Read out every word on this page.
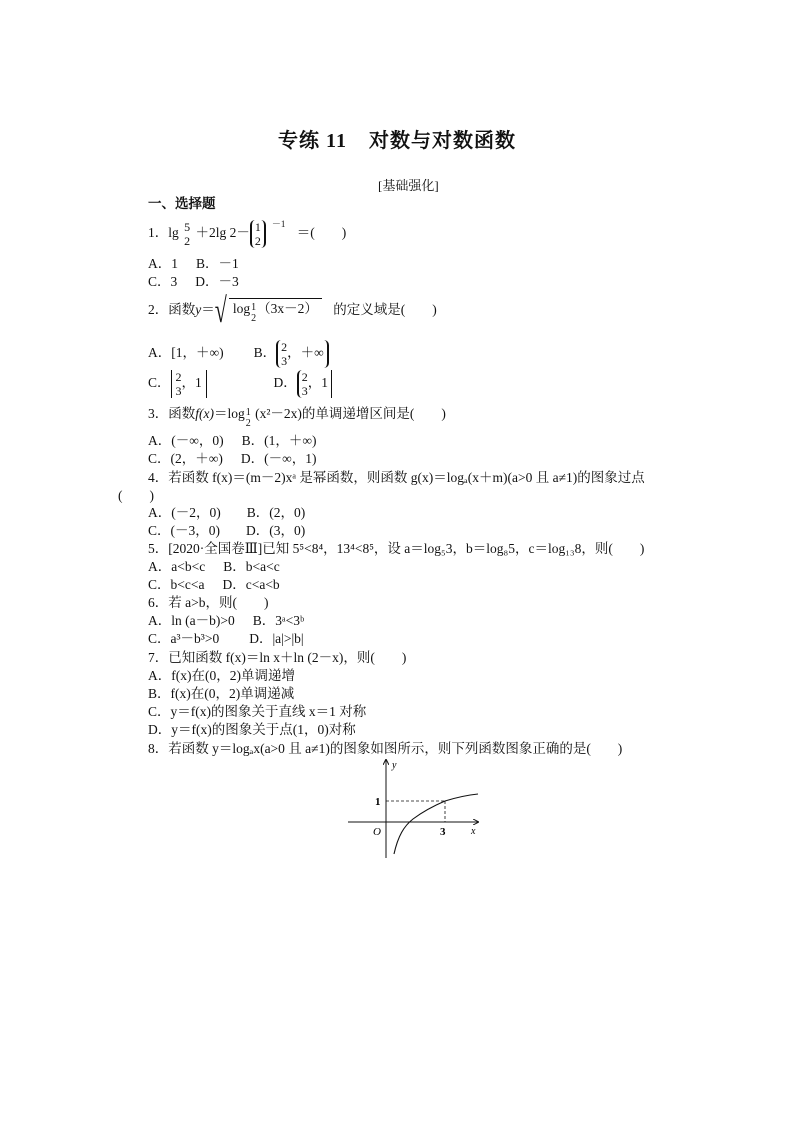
专练 11 对数与对数函数
[基础强化]
一、选择题
1．lg 5
2
＋2lg 2－ 1
2
$^{-1}$ ＝(　　)
A．1 B．－1
C．3 D．－3
2．函数y＝√ log 1
2
（3x－2） 的定义域是(　　)
A．[1，＋∞) B． 2
3
，＋∞
C． 2
3
，1	D． 2
3
，1
3．函数f(x)＝log 1
2
(x²－2x)的单调递增区间是(　　)
A．(－∞，0) B．(1，＋∞)
C．(2，＋∞) D．(－∞，1)
4．若函数 f(x)＝(m－2)xᵃ 是幂函数，则函数 g(x)＝logₐ(x＋m)(a>0 且 a≠1)的图象过点
(　　)
A．(－2，0) B．(2，0)
C．(－3，0) D．(3，0)
5．[2020·全国卷Ⅲ]已知 5⁵<8⁴，13⁴<8⁵，设 a＝log₅3，b＝log₈5，c＝log₁₃8，则(　　)
A．a<b<c B．b<a<c
C．b<c<a D．c<a<b
6．若 a>b，则(　　)
A．ln (a－b)>0 B．3ᵃ<3ᵇ
C．a³－b³>0 D．|a|>|b|
7．已知函数 f(x)＝ln x＋ln (2－x)，则(　　)
A．f(x)在(0，2)单调递增
B．f(x)在(0，2)单调递减
C．y＝f(x)的图象关于直线 x＝1 对称
D．y＝f(x)的图象关于点(1，0)对称
8．若函数 y＝logₐx(a>0 且 a≠1)的图象如图所示，则下列函数图象正确的是(　　)
y
x
O
1
3
